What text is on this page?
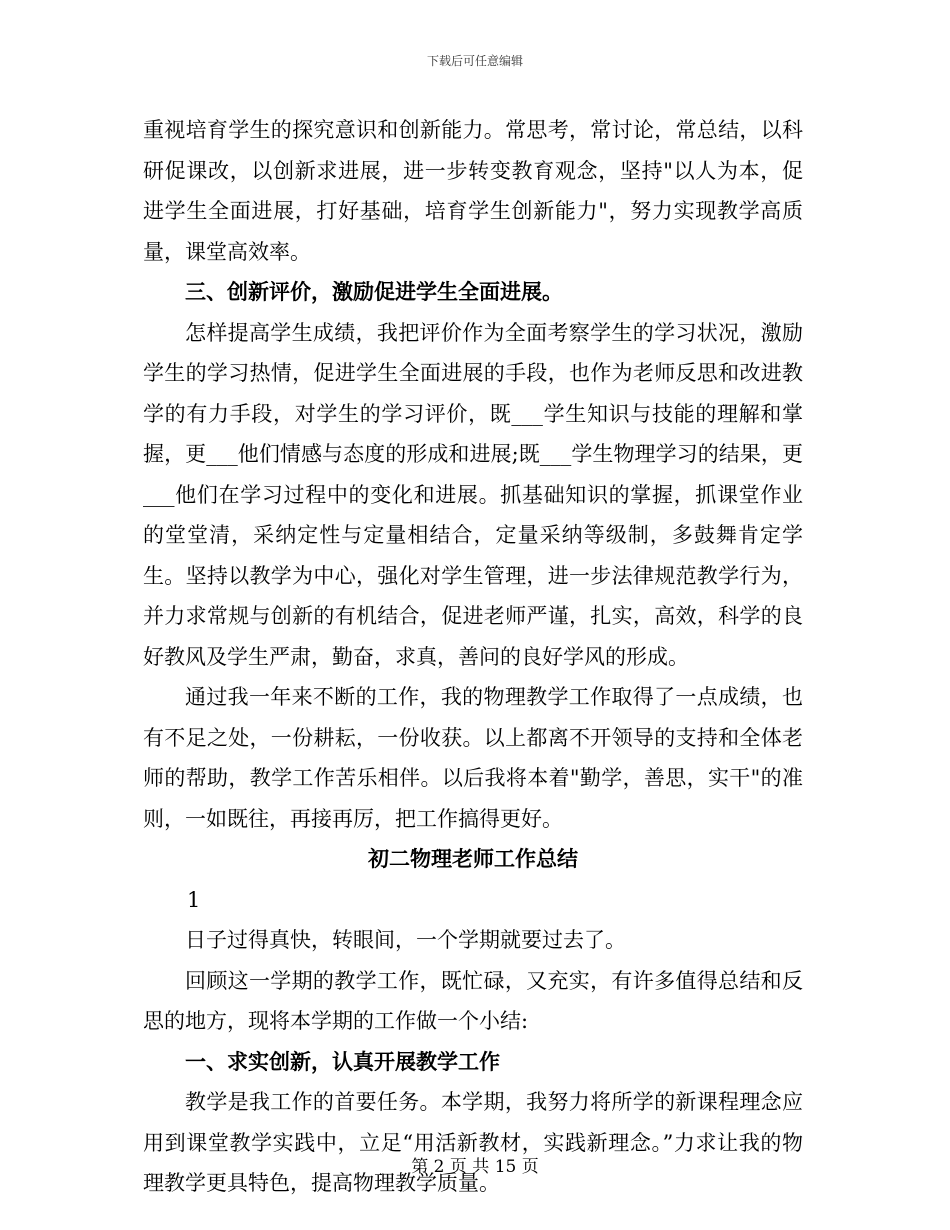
下载后可任意编辑

重视培育学生的探究意识和创新能力。常思考，常讨论，常总结，以科研促课改，以创新求进展，进一步转变教育观念，坚持"以人为本，促进学生全面进展，打好基础，培育学生创新能力"，努力实现教学高质量，课堂高效率。

三、创新评价，激励促进学生全面进展。

怎样提高学生成绩，我把评价作为全面考察学生的学习状况，激励学生的学习热情，促进学生全面进展的手段，也作为老师反思和改进教学的有力手段，对学生的学习评价，既___学生知识与技能的理解和掌握，更___他们情感与态度的形成和进展;既___学生物理学习的结果，更___他们在学习过程中的变化和进展。抓基础知识的掌握，抓课堂作业的堂堂清，采纳定性与定量相结合，定量采纳等级制，多鼓舞肯定学生。坚持以教学为中心，强化对学生管理，进一步法律规范教学行为，并力求常规与创新的有机结合，促进老师严谨，扎实，高效，科学的良好教风及学生严肃，勤奋，求真，善问的良好学风的形成。

通过我一年来不断的工作，我的物理教学工作取得了一点成绩，也有不足之处，一份耕耘，一份收获。以上都离不开领导的支持和全体老师的帮助，教学工作苦乐相伴。以后我将本着"勤学，善思，实干"的准则，一如既往，再接再厉，把工作搞得更好。

初二物理老师工作总结

1

日子过得真快，转眼间，一个学期就要过去了。

回顾这一学期的教学工作，既忙碌，又充实，有许多值得总结和反思的地方，现将本学期的工作做一个小结:

一、求实创新，认真开展教学工作

教学是我工作的首要任务。本学期，我努力将所学的新课程理念应用到课堂教学实践中，立足“用活新教材，实践新理念。”力求让我的物理教学更具特色，提高物理教学质量。

第 2 页 共 15 页
